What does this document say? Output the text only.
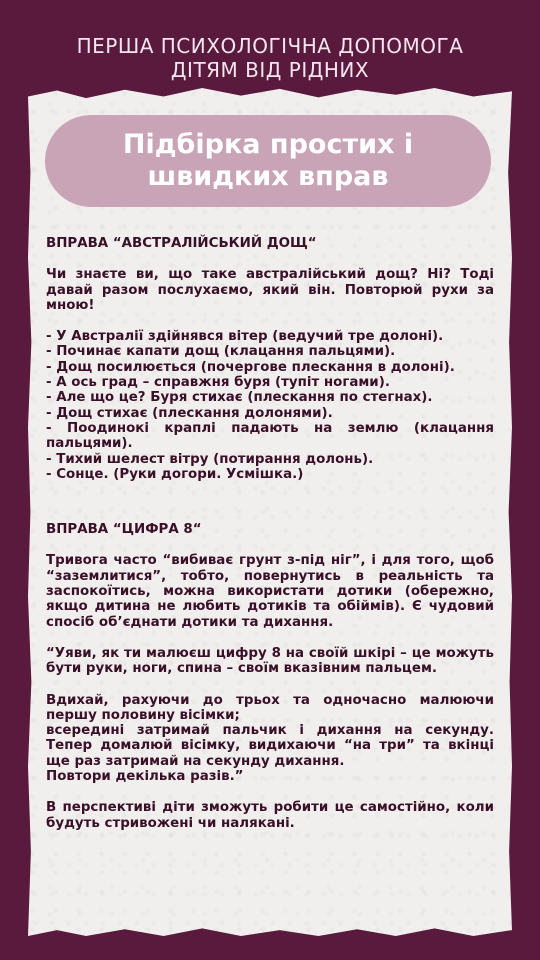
ПЕРША ПСИХОЛОГІЧНА ДОПОМОГА
ДІТЯМ ВІД РІДНИХ
Підбірка простих і
швидких вправ

ВПРАВА “АВСТРАЛІЙСЬКИЙ ДОЩ“

Чи знаєте ви, що таке австралійський дощ? Ні? Тоді давай разом послухаємо, який він. Повторюй рухи за мною!

- У Австралії здійнявся вітер (ведучий тре долоні).
- Починає капати дощ (клацання пальцями).
- Дощ посилюється (почергове плескання в долоні).
- А ось град – справжня буря (тупіт ногами).
- Але що це? Буря стихає (плескання по стегнах).
- Дощ стихає (плескання долонями).
- Поодинокі краплі падають на землю (клацання пальцями).
- Тихий шелест вітру (потирання долонь).
- Сонце. (Руки догори. Усмішка.)

ВПРАВА “ЦИФРА 8“

Тривога часто “вибиває грунт з-під ніг”, і для того, щоб “заземлитися”, тобто, повернутись в реальність та заспокоїтись, можна використати дотики (обережно, якщо дитина не любить дотиків та обіймів). Є чудовий спосіб об’єднати дотики та дихання.

“Уяви, як ти малюєш цифру 8 на своїй шкірі – це можуть бути руки, ноги, спина – своїм вказівним пальцем.

Вдихай, рахуючи до трьох та одночасно малюючи першу половину вісімки;

всередині затримай пальчик і дихання на секунду. Тепер домалюй вісімку, видихаючи “на три” та вкінці ще раз затримай на секунду дихання.

Повтори декілька разів.”

В перспективі діти зможуть робити це самостійно, коли будуть стривожені чи налякані.
